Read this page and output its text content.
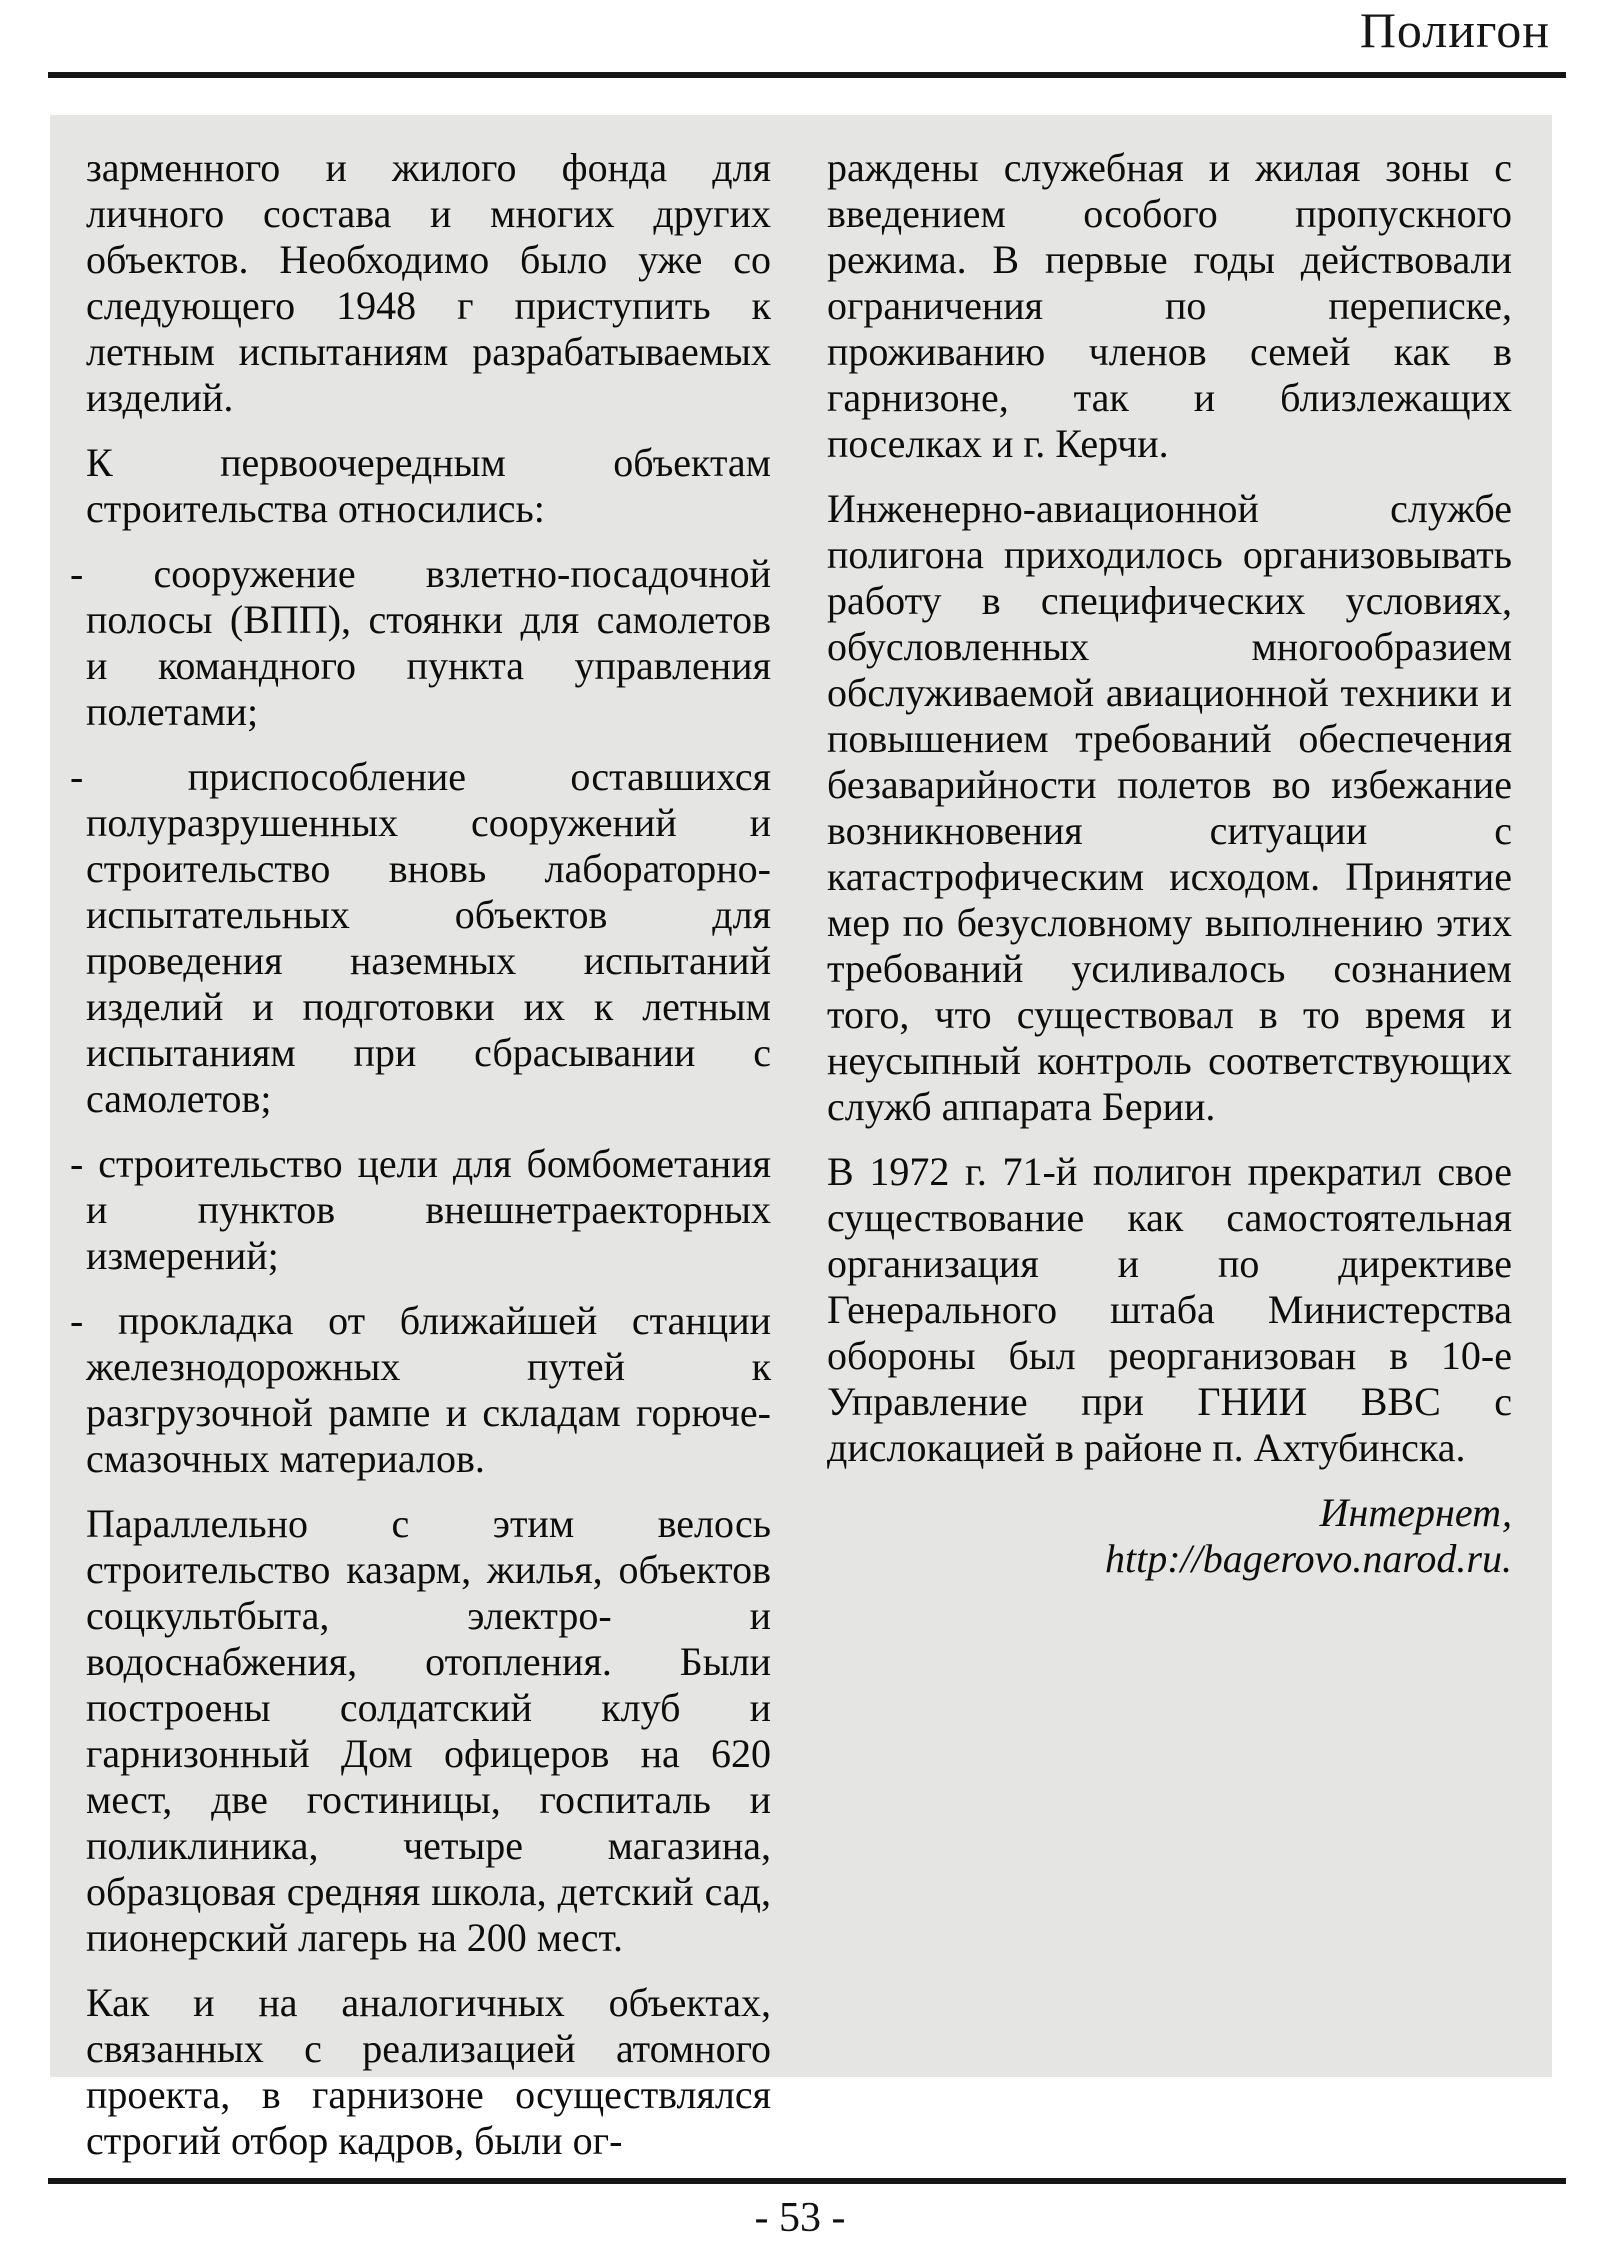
Полигон

зарменного и жилого фонда для личного состава и многих других объектов. Необходимо было уже со следующего 1948 г приступить к летным испытаниям разрабатываемых изделий.

К первоочередным объектам строительства относились:

- сооружение взлетно-посадочной полосы (ВПП), стоянки для самолетов и командного пункта управления полетами;

- приспособление оставшихся полуразрушенных сооружений и строительство вновь лабораторно-испытательных объектов для проведения наземных испытаний изделий и подготовки их к летным испытаниям при сбрасывании с самолетов;

- строительство цели для бомбометания и пунктов внешнетраекторных измерений;

- прокладка от ближайшей станции железнодорожных путей к разгрузочной рампе и складам горюче-смазочных материалов.

Параллельно с этим велось строительство казарм, жилья, объектов соцкультбыта, электро- и водоснабжения, отопления. Были построены солдатский клуб и гарнизонный Дом офицеров на 620 мест, две гостиницы, госпиталь и поликлиника, четыре магазина, образцовая средняя школа, детский сад, пионерский лагерь на 200 мест.

Как и на аналогичных объектах, связанных с реализацией атомного проекта, в гарнизоне осуществлялся строгий отбор кадров, были ог-

раждены служебная и жилая зоны с введением особого пропускного режима. В первые годы действовали ограничения по переписке, проживанию членов семей как в гарнизоне, так и близлежащих поселках и г. Керчи.

Инженерно-авиационной службе полигона приходилось организовывать работу в специфических условиях, обусловленных многообразием обслуживаемой авиационной техники и повышением требований обеспечения безаварийности полетов во избежание возникновения ситуации с катастрофическим исходом. Принятие мер по безусловному выполнению этих требований усиливалось сознанием того, что существовал в то время и неусыпный контроль соответствующих служб аппарата Берии.

В 1972 г. 71-й полигон прекратил свое существование как самостоятельная организация и по директиве Генерального штаба Министерства обороны был реорганизован в 10-е Управление при ГНИИ ВВС с дислокацией в районе п. Ахтубинска.

Интернет,
http://bagerovo.narod.ru.

- 53 -
